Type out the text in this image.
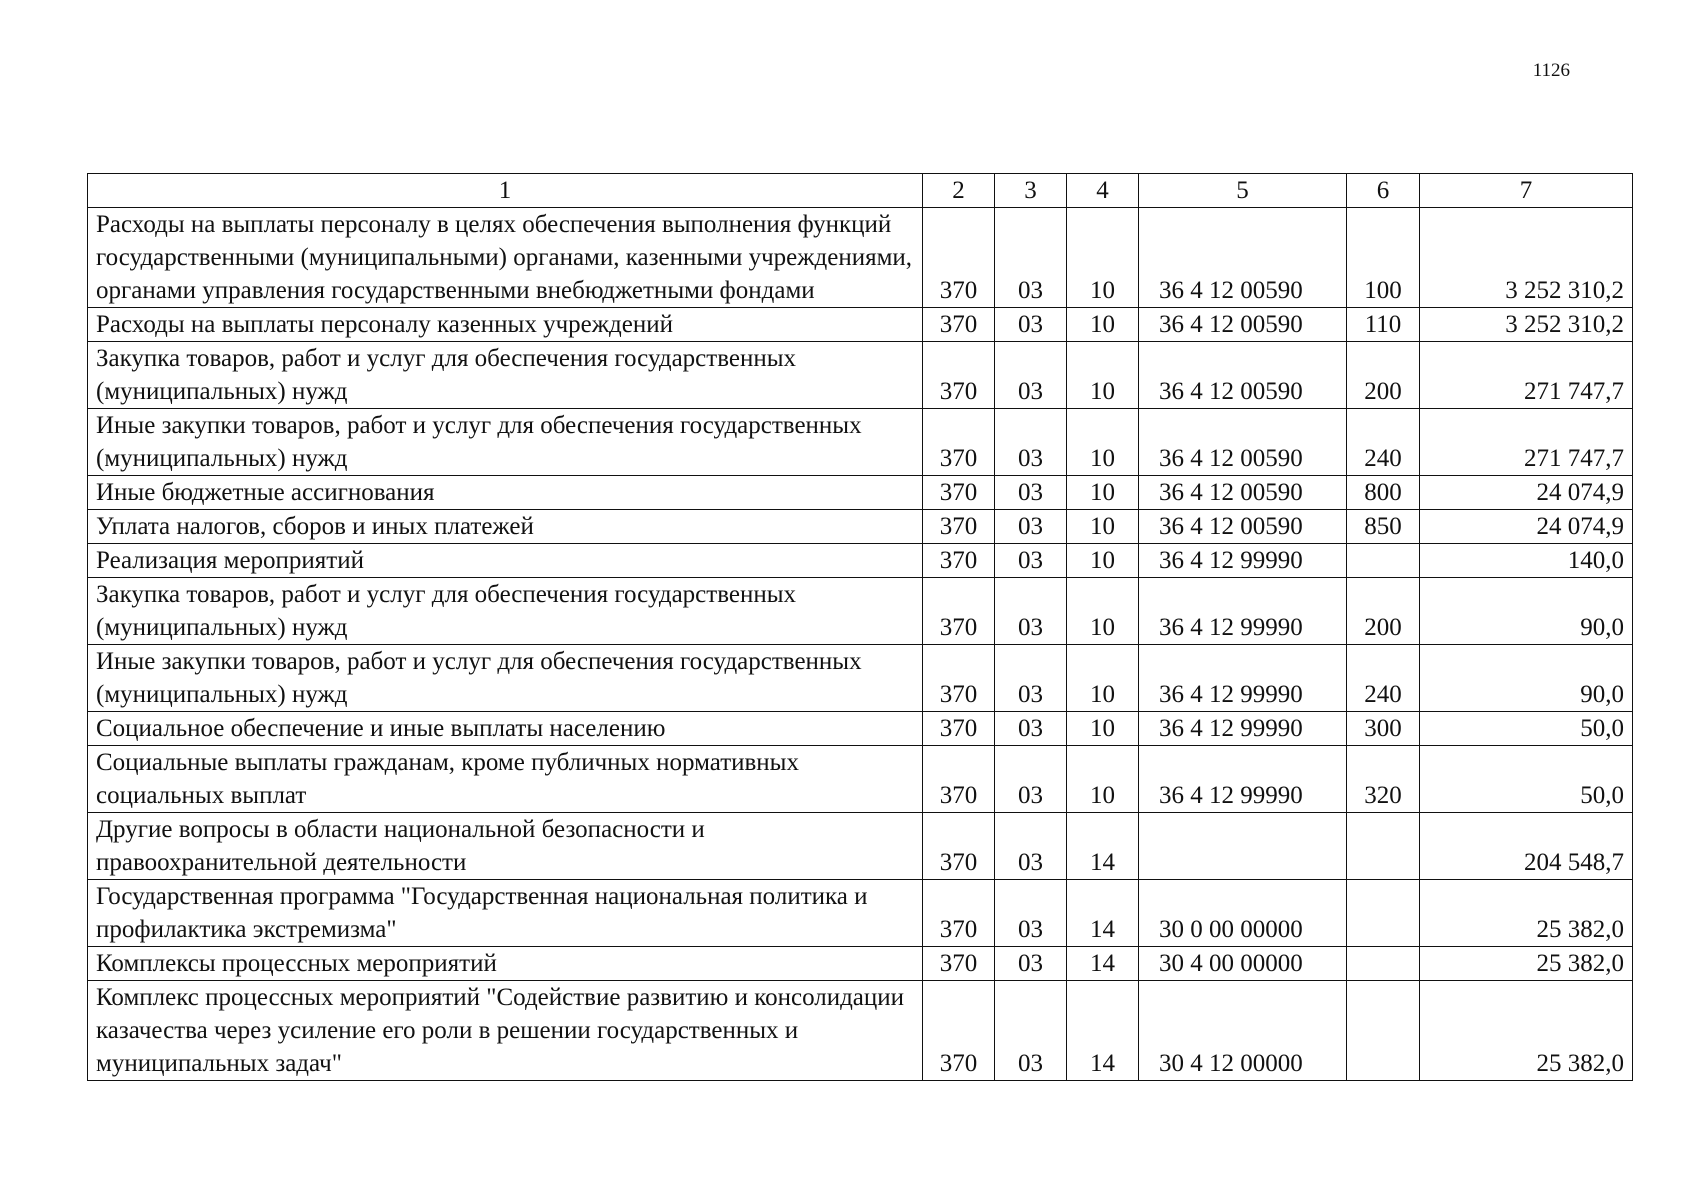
1126
1	2	3	4	5	6	7
Расходы на выплаты персоналу в целях обеспечения выполнения функций государственными (муниципальными) органами, казенными учреждениями, органами управления государственными внебюджетными фондами	370	03	10	36 4 12 00590	100	3 252 310,2
Расходы на выплаты персоналу казенных учреждений	370	03	10	36 4 12 00590	110	3 252 310,2
Закупка товаров, работ и услуг для обеспечения государственных (муниципальных) нужд	370	03	10	36 4 12 00590	200	271 747,7
Иные закупки товаров, работ и услуг для обеспечения государственных (муниципальных) нужд	370	03	10	36 4 12 00590	240	271 747,7
Иные бюджетные ассигнования	370	03	10	36 4 12 00590	800	24 074,9
Уплата налогов, сборов и иных платежей	370	03	10	36 4 12 00590	850	24 074,9
Реализация мероприятий	370	03	10	36 4 12 99990		140,0
Закупка товаров, работ и услуг для обеспечения государственных (муниципальных) нужд	370	03	10	36 4 12 99990	200	90,0
Иные закупки товаров, работ и услуг для обеспечения государственных (муниципальных) нужд	370	03	10	36 4 12 99990	240	90,0
Социальное обеспечение и иные выплаты населению	370	03	10	36 4 12 99990	300	50,0
Социальные выплаты гражданам, кроме публичных нормативных социальных выплат	370	03	10	36 4 12 99990	320	50,0
Другие вопросы в области национальной безопасности и правоохранительной деятельности	370	03	14			204 548,7
Государственная программа "Государственная национальная политика и профилактика экстремизма"	370	03	14	30 0 00 00000		25 382,0
Комплексы процессных мероприятий	370	03	14	30 4 00 00000		25 382,0
Комплекс процессных мероприятий "Содействие развитию и консолидации казачества через усиление его роли в решении государственных и муниципальных задач"	370	03	14	30 4 12 00000		25 382,0
